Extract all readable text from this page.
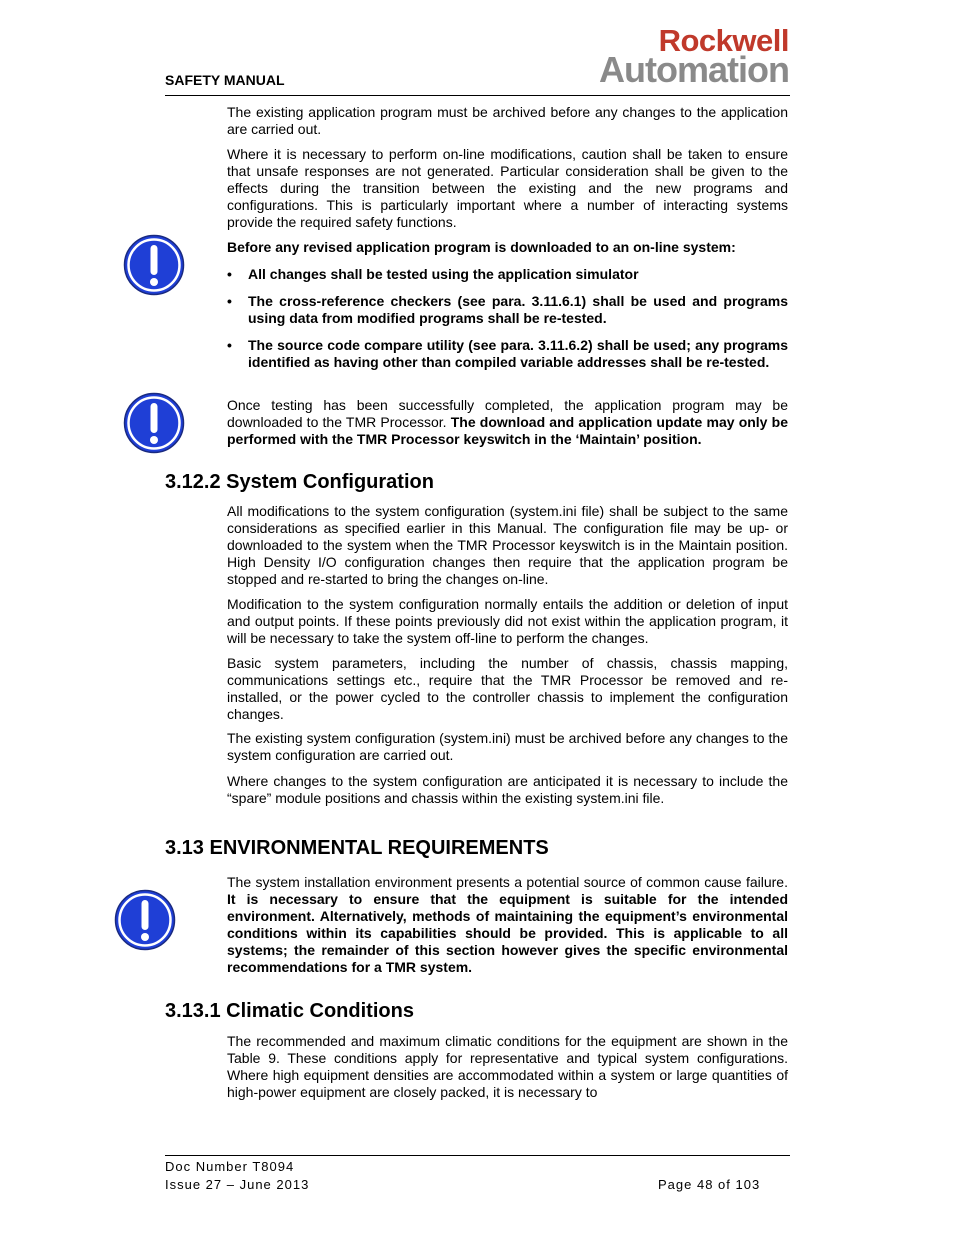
SAFETY MANUAL
Rockwell
Automation

The existing application program must be archived before any changes to the application are carried out.

Where it is necessary to perform on-line modifications, caution shall be taken to ensure that unsafe responses are not generated. Particular consideration shall be given to the effects during the transition between the existing and the new programs and configurations. This is particularly important where a number of interacting systems provide the required safety functions.

Before any revised application program is downloaded to an on-line system:

• All changes shall be tested using the application simulator
• The cross-reference checkers (see para. 3.11.6.1) shall be used and programs using data from modified programs shall be re-tested.
• The source code compare utility (see para. 3.11.6.2) shall be used; any programs identified as having other than compiled variable addresses shall be re-tested.

Once testing has been successfully completed, the application program may be downloaded to the TMR Processor. The download and application update may only be performed with the TMR Processor keyswitch in the ‘Maintain’ position.

3.12.2 System Configuration

All modifications to the system configuration (system.ini file) shall be subject to the same considerations as specified earlier in this Manual. The configuration file may be up- or downloaded to the system when the TMR Processor keyswitch is in the Maintain position. High Density I/O configuration changes then require that the application program be stopped and re-started to bring the changes on-line.

Modification to the system configuration normally entails the addition or deletion of input and output points. If these points previously did not exist within the application program, it will be necessary to take the system off-line to perform the changes.

Basic system parameters, including the number of chassis, chassis mapping, communications settings etc., require that the TMR Processor be removed and re-installed, or the power cycled to the controller chassis to implement the configuration changes.

The existing system configuration (system.ini) must be archived before any changes to the system configuration are carried out.

Where changes to the system configuration are anticipated it is necessary to include the “spare” module positions and chassis within the existing system.ini file.

3.13 ENVIRONMENTAL REQUIREMENTS

The system installation environment presents a potential source of common cause failure. It is necessary to ensure that the equipment is suitable for the intended environment. Alternatively, methods of maintaining the equipment’s environmental conditions within its capabilities should be provided. This is applicable to all systems; the remainder of this section however gives the specific environmental recommendations for a TMR system.

3.13.1 Climatic Conditions

The recommended and maximum climatic conditions for the equipment are shown in the Table 9. These conditions apply for representative and typical system configurations. Where high equipment densities are accommodated within a system or large quantities of high-power equipment are closely packed, it is necessary to

Doc Number T8094
Issue 27 – June 2013	Page 48 of 103
